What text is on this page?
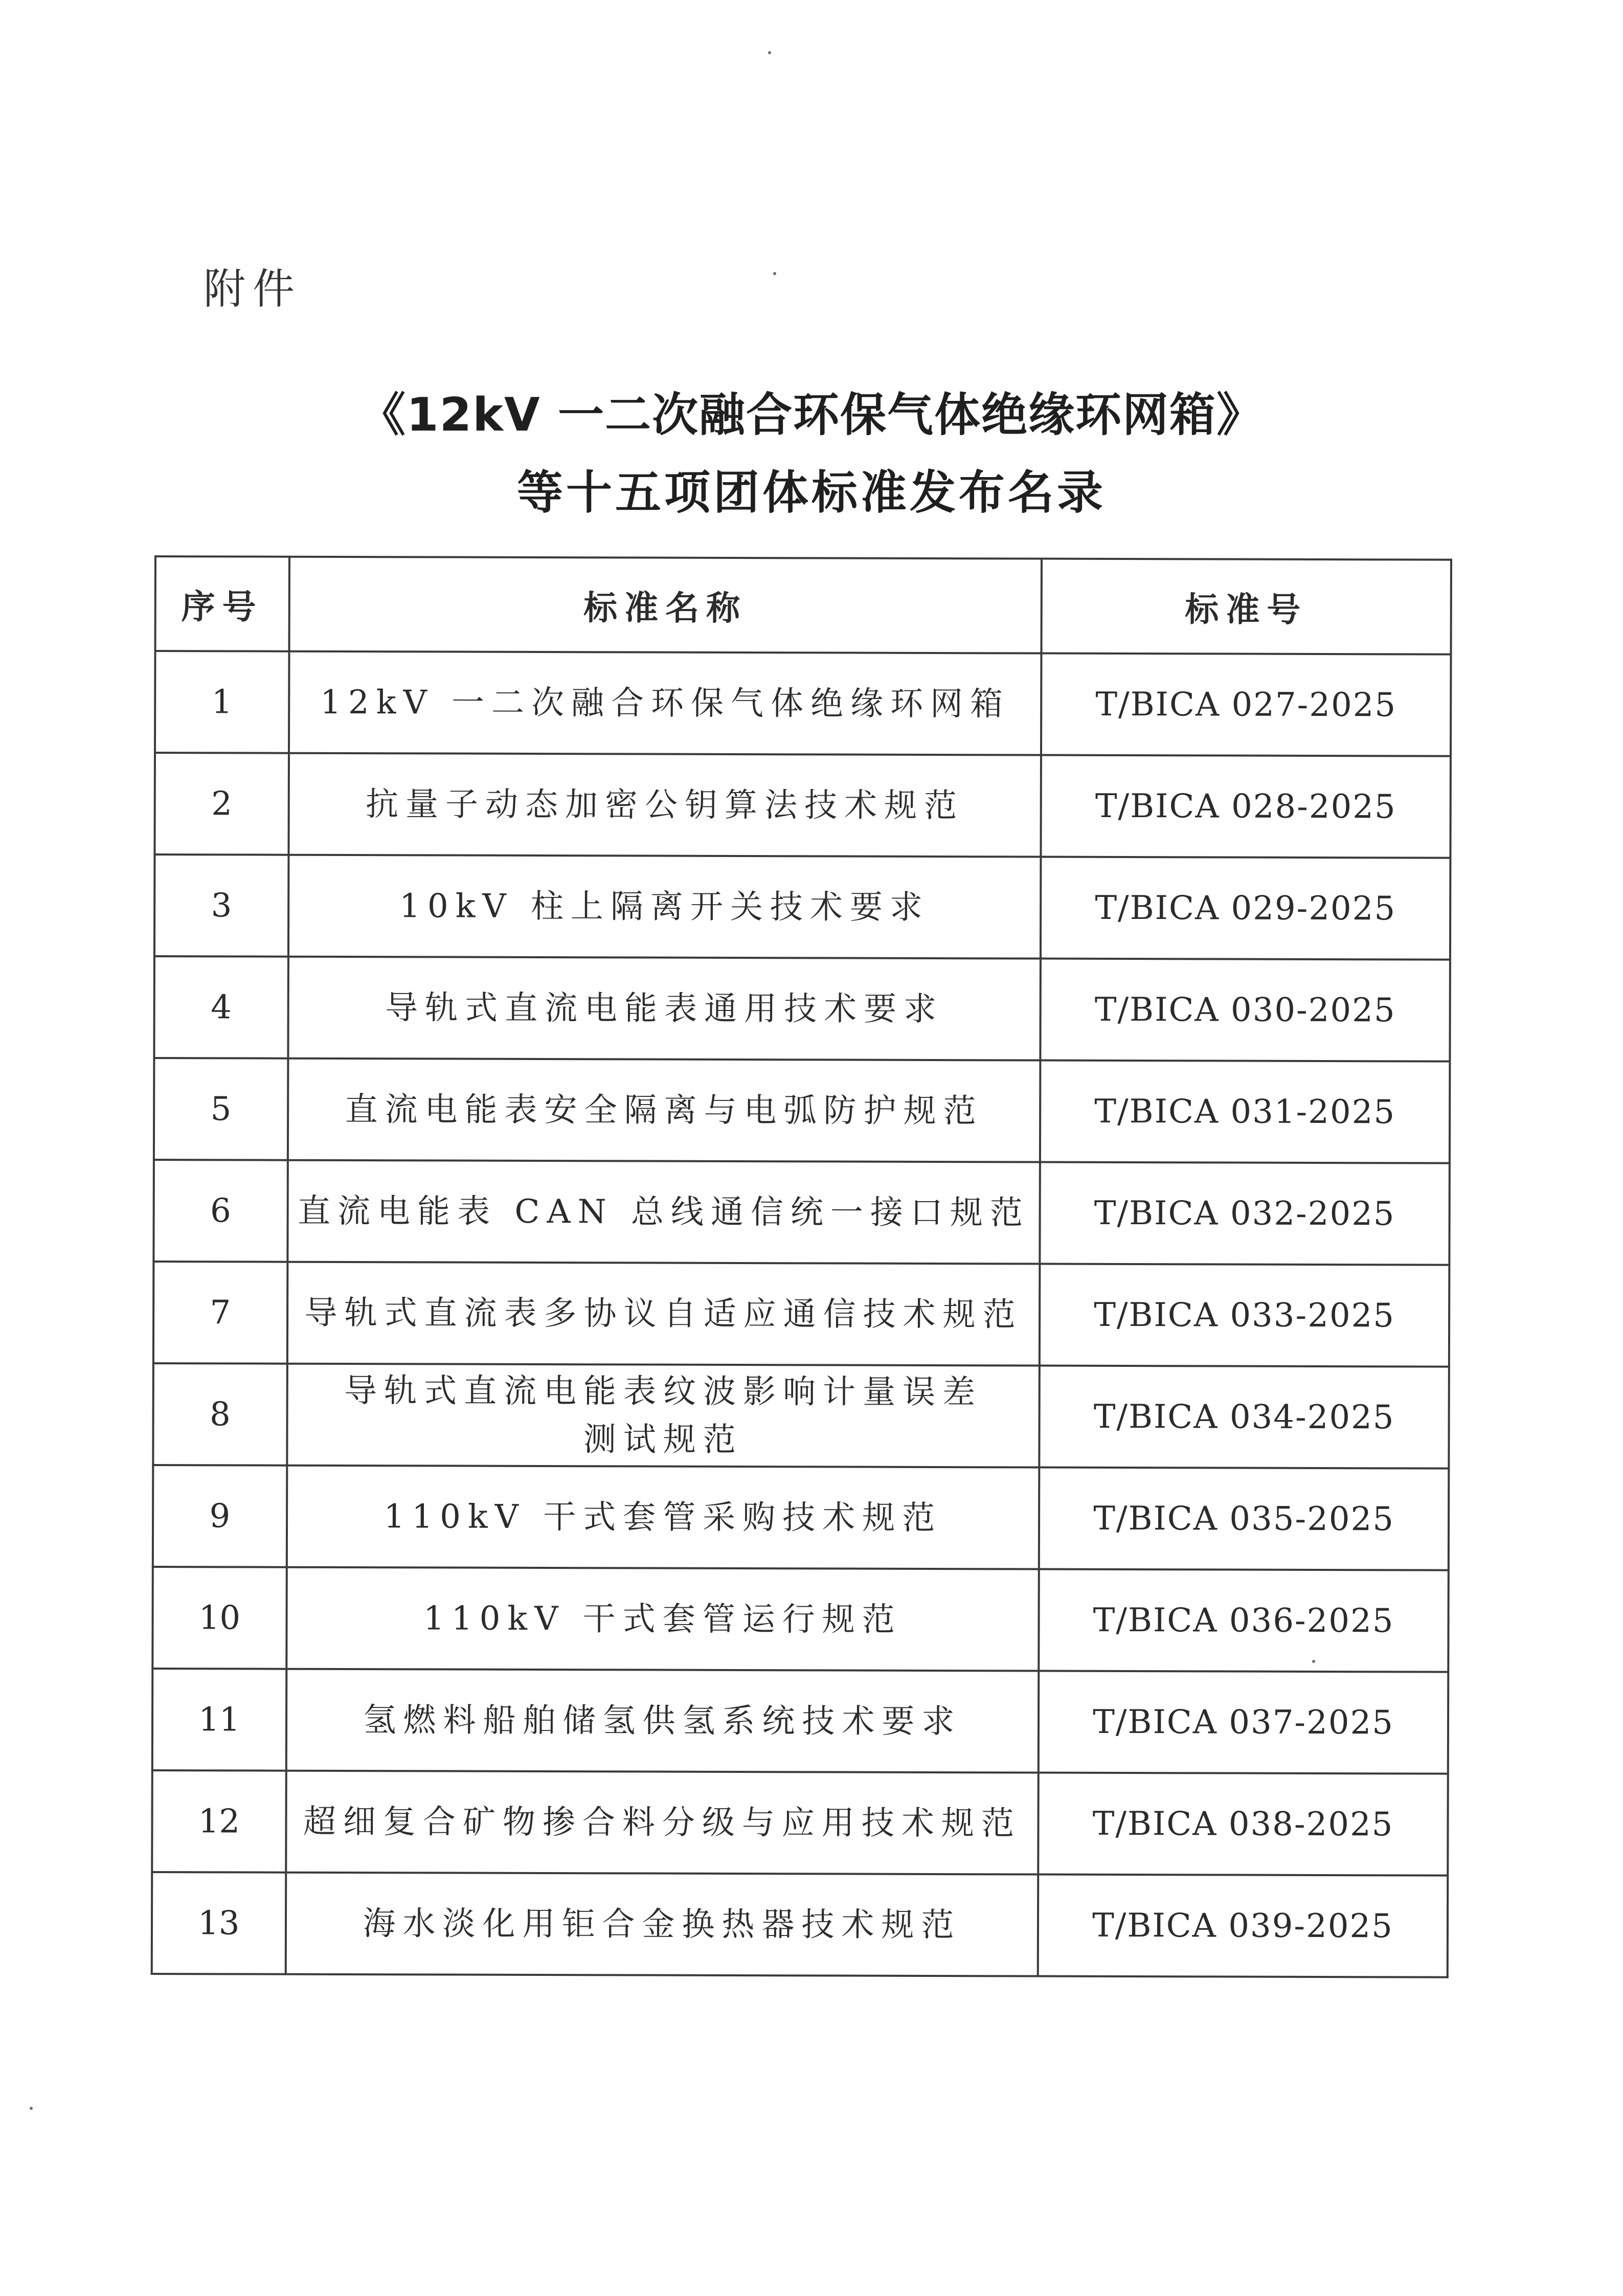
附件
《12kV 一二次融合环保气体绝缘环网箱》
等十五项团体标准发布名录
序号	标准名称	标准号
1	12kV 一二次融合环保气体绝缘环网箱	T/BICA 027-2025
2	抗量子动态加密公钥算法技术规范	T/BICA 028-2025
3	10kV 柱上隔离开关技术要求	T/BICA 029-2025
4	导轨式直流电能表通用技术要求	T/BICA 030-2025
5	直流电能表安全隔离与电弧防护规范	T/BICA 031-2025
6	直流电能表 CAN 总线通信统一接口规范	T/BICA 032-2025
7	导轨式直流表多协议自适应通信技术规范	T/BICA 033-2025
8	导轨式直流电能表纹波影响计量误差
测试规范	T/BICA 034-2025
9	110kV 干式套管采购技术规范	T/BICA 035-2025
10	110kV 干式套管运行规范	T/BICA 036-2025
11	氢燃料船舶储氢供氢系统技术要求	T/BICA 037-2025
12	超细复合矿物掺合料分级与应用技术规范	T/BICA 038-2025
13	海水淡化用钜合金换热器技术规范	T/BICA 039-2025
